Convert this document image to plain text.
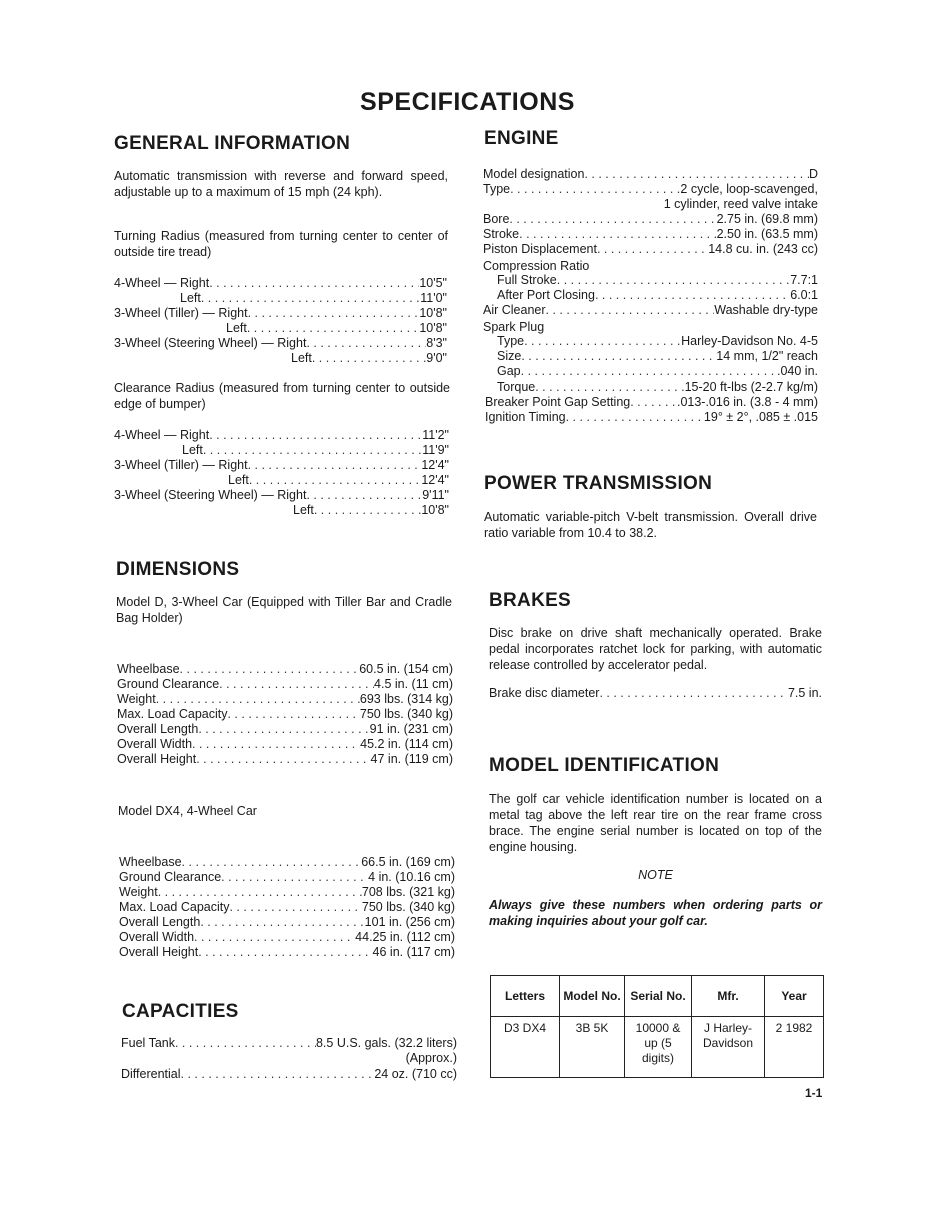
SPECIFICATIONS
GENERAL INFORMATION
Automatic transmission with reverse and forward speed, adjustable up to a maximum of 15 mph (24 kph).
Turning Radius (measured from turning center to center of outside tire tread)
4-Wheel — Right . . .	10'5"
Left . . .	11'0"
3-Wheel (Tiller) — Right . . .	10'8"
Left . . .	10'8"
3-Wheel (Steering Wheel) — Right . . .	8'3"
Left . . .	9'0"
Clearance Radius (measured from turning center to outside edge of bumper)
4-Wheel — Right . . .	11'2"
Left . . .	11'9"
3-Wheel (Tiller) — Right . . .	12'4"
Left . . .	12'4"
3-Wheel (Steering Wheel) — Right . . .	9'11"
Left . . .	10'8"
DIMENSIONS
Model D, 3-Wheel Car (Equipped with Tiller Bar and Cradle Bag Holder)
Wheelbase . . .	60.5 in. (154 cm)
Ground Clearance . . .	4.5 in. (11 cm)
Weight . . .	693 lbs. (314 kg)
Max. Load Capacity . . .	750 lbs. (340 kg)
Overall Length . . .	91 in. (231 cm)
Overall Width . . .	45.2 in. (114 cm)
Overall Height . . .	47 in. (119 cm)
Model DX4, 4-Wheel Car
Wheelbase . . .	66.5 in. (169 cm)
Ground Clearance . . .	4 in. (10.16 cm)
Weight . . .	708 lbs. (321 kg)
Max. Load Capacity . . .	750 lbs. (340 kg)
Overall Length . . .	101 in. (256 cm)
Overall Width . . .	44.25 in. (112 cm)
Overall Height . . .	46 in. (117 cm)
CAPACITIES
Fuel Tank . . .	8.5 U.S. gals. (32.2 liters)
(Approx.)
Differential . . .	24 oz. (710 cc)
ENGINE
Model designation . . .	D
Type . . .	2 cycle, loop-scavenged,
1 cylinder, reed valve intake
Bore . . .	2.75 in. (69.8 mm)
Stroke . . .	2.50 in. (63.5 mm)
Piston Displacement . . .	14.8 cu. in. (243 cc)
Compression Ratio
Full Stroke . . .	7.7:1
After Port Closing . . .	6.0:1
Air Cleaner . . .	Washable dry-type
Spark Plug
Type . . .	Harley-Davidson No. 4-5
Size . . .	14 mm, 1/2" reach
Gap . . .	.040 in.
Torque . . .	15-20 ft-lbs (2-2.7 kg/m)
Breaker Point Gap Setting . . .	.013-.016 in. (3.8 - 4 mm)
Ignition Timing . . .	19° ± 2°, .085 ± .015
POWER TRANSMISSION
Automatic variable-pitch V-belt transmission. Overall drive ratio variable from 10.4 to 38.2.
BRAKES
Disc brake on drive shaft mechanically operated. Brake pedal incorporates ratchet lock for parking, with automatic release controlled by accelerator pedal.
Brake disc diameter . . .	7.5 in.
MODEL IDENTIFICATION
The golf car vehicle identification number is located on a metal tag above the left rear tire on the rear frame cross brace. The engine serial number is located on top of the engine housing.
NOTE
Always give these numbers when ordering parts or making inquiries about your golf car.
Letters	Model No.	Serial No.	Mfr.	Year
D3 DX4	3B 5K	10000 & up (5 digits)	J Harley-Davidson	2 1982
1-1
